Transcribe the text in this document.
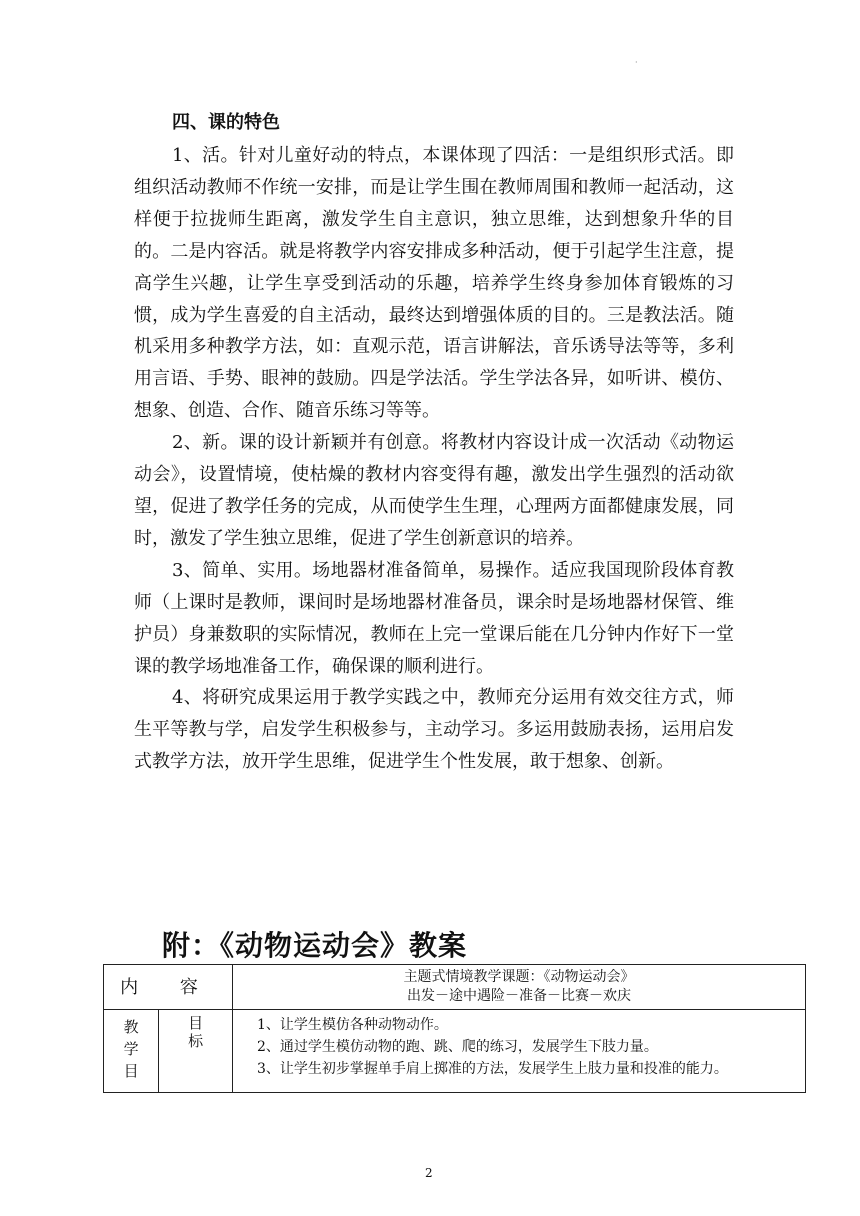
·
四、课的特色

1、活。针对儿童好动的特点，本课体现了四活：一是组织形式活。即组织活动教师不作统一安排，而是让学生围在教师周围和教师一起活动，这样便于拉拢师生距离，激发学生自主意识，独立思维，达到想象升华的目的。二是内容活。就是将教学内容安排成多种活动，便于引起学生注意，提高学生兴趣，让学生享受到活动的乐趣，培养学生终身参加体育锻炼的习惯，成为学生喜爱的自主活动，最终达到增强体质的目的。三是教法活。随机采用多种教学方法，如：直观示范，语言讲解法，音乐诱导法等等，多利用言语、手势、眼神的鼓励。四是学法活。学生学法各异，如听讲、模仿、想象、创造、合作、随音乐练习等等。

2、新。课的设计新颖并有创意。将教材内容设计成一次活动《动物运动会》，设置情境，使枯燥的教材内容变得有趣，激发出学生强烈的活动欲望，促进了教学任务的完成，从而使学生生理，心理两方面都健康发展，同时，激发了学生独立思维，促进了学生创新意识的培养。

3、简单、实用。场地器材准备简单，易操作。适应我国现阶段体育教师（上课时是教师，课间时是场地器材准备员，课余时是场地器材保管、维护员）身兼数职的实际情况，教师在上完一堂课后能在几分钟内作好下一堂课的教学场地准备工作，确保课的顺利进行。

4、将研究成果运用于教学实践之中，教师充分运用有效交往方式，师生平等教与学，启发学生积极参与，主动学习。多运用鼓励表扬，运用启发式教学方法，放开学生思维，促进学生个性发展，敢于想象、创新。

附：《动物运动会》教案
内 容		主题式情境教学课题：《动物运动会》
出发－途中遇险－准备－比赛－欢庆

教学目	目标	1、让学生模仿各种动物动作。
2、通过学生模仿动物的跑、跳、爬的练习，发展学生下肢力量。
3、让学生初步掌握单手肩上掷准的方法，发展学生上肢力量和投准的能力。
2
